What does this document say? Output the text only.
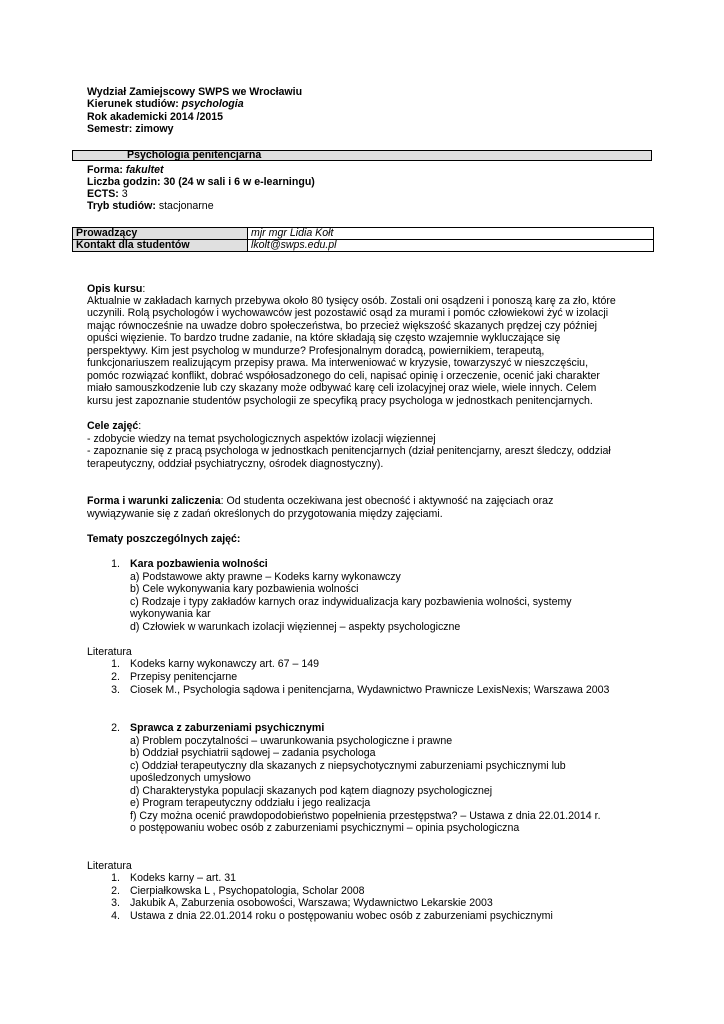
Wydział Zamiejscowy SWPS we Wrocławiu
Kierunek studiów: psychologia
Rok akademicki 2014 /2015
Semestr: zimowy
Psychologia penitencjarna
Forma: fakultet
Liczba godzin: 30 (24 w sali i 6 w e-learningu)
ECTS: 3
Tryb studiów: stacjonarne
Prowadzący	mjr mgr Lidia Kołt
Kontakt dla studentów	lkolt@swps.edu.pl
Opis kursu:
Aktualnie w zakładach karnych przebywa około 80 tysięcy osób. Zostali oni osądzeni i ponoszą karę za zło, które
uczynili. Rolą psychologów i wychowawców jest pozostawić osąd za murami i pomóc człowiekowi żyć w izolacji
mając równocześnie na uwadze dobro społeczeństwa, bo przecież większość skazanych prędzej czy później
opuści więzienie. To bardzo trudne zadanie, na które składają się często wzajemnie wykluczające się
perspektywy. Kim jest psycholog w mundurze? Profesjonalnym doradcą, powiernikiem, terapeutą,
funkcjonariuszem realizującym przepisy prawa. Ma interweniować w kryzysie, towarzyszyć w nieszczęściu,
pomóc rozwiązać konflikt, dobrać współosadzonego do celi, napisać opinię i orzeczenie, ocenić jaki charakter
miało samouszkodzenie lub czy skazany może odbywać karę celi izolacyjnej oraz wiele, wiele innych. Celem
kursu jest zapoznanie studentów psychologii ze specyfiką pracy psychologa w jednostkach penitencjarnych.
Cele zajęć:
- zdobycie wiedzy na temat psychologicznych aspektów izolacji więziennej
- zapoznanie się z pracą psychologa w jednostkach penitencjarnych (dział penitencjarny, areszt śledczy, oddział
terapeutyczny, oddział psychiatryczny, ośrodek diagnostyczny).
Forma i warunki zaliczenia: Od studenta oczekiwana jest obecność i aktywność na zajęciach oraz
wywiązywanie się z zadań określonych do przygotowania między zajęciami.
Tematy poszczególnych zajęć:
1. Kara pozbawienia wolności
a) Podstawowe akty prawne – Kodeks karny wykonawczy
b) Cele wykonywania kary pozbawienia wolności
c) Rodzaje i typy zakładów karnych oraz indywidualizacja kary pozbawienia wolności, systemy
wykonywania kar
d) Człowiek w warunkach izolacji więziennej – aspekty psychologiczne
Literatura
1. Kodeks karny wykonawczy art. 67 – 149
2. Przepisy penitencjarne
3. Ciosek M., Psychologia sądowa i penitencjarna, Wydawnictwo Prawnicze LexisNexis; Warszawa 2003
2. Sprawca z zaburzeniami psychicznymi
a) Problem poczytalności – uwarunkowania psychologiczne i prawne
b) Oddział psychiatrii sądowej – zadania psychologa
c) Oddział terapeutyczny dla skazanych z niepsychotycznymi zaburzeniami psychicznymi lub
upośledzonych umysłowo
d) Charakterystyka populacji skazanych pod kątem diagnozy psychologicznej
e) Program terapeutyczny oddziału i jego realizacja
f) Czy można ocenić prawdopodobieństwo popełnienia przestępstwa? – Ustawa z dnia 22.01.2014 r.
o postępowaniu wobec osób z zaburzeniami psychicznymi – opinia psychologiczna
Literatura
1. Kodeks karny – art. 31
2. Cierpiałkowska L , Psychopatologia, Scholar 2008
3. Jakubik A, Zaburzenia osobowości, Warszawa; Wydawnictwo Lekarskie 2003
4. Ustawa z dnia 22.01.2014 roku o postępowaniu wobec osób z zaburzeniami psychicznymi
